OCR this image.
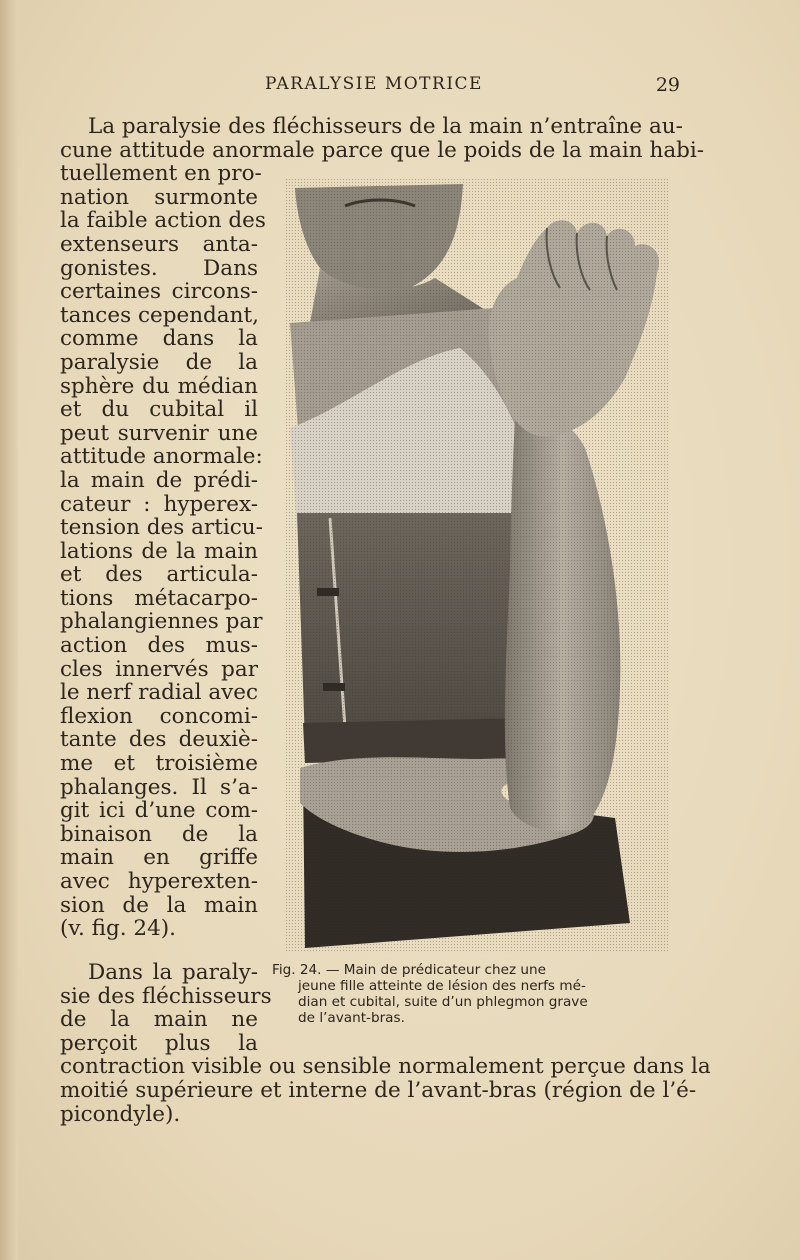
PARALYSIE MOTRICE	29
La paralysie des fléchisseurs de la main n’entraîne au-
cune attitude anormale parce que le poids de la main habi-
tuellement en pro-
nation surmonte
la faible action des
extenseurs anta-
gonistes. Dans
certaines circons-
tances cependant,
comme dans la
paralysie de la
sphère du médian
et du cubital il
peut survenir une
attitude anormale:
la main de prédi-
cateur : hyperex-
tension des articu-
lations de la main
et des articula-
tions métacarpo-
phalangiennes par
action des mus-
cles innervés par
le nerf radial avec
flexion concomi-
tante des deuxiè-
me et troisième
phalanges. Il s’a-
git ici d’une com-
binaison de la
main en griffe
avec hyperexten-
sion de la main
(v. fig. 24).
Dans la paraly-
sie des fléchisseurs
de la main ne
perçoit plus la
contraction visible ou sensible normalement perçue dans la
moitié supérieure et interne de l’avant-bras (région de l’é-
picondyle).
Fig. 24. — Main de prédicateur chez une
jeune fille atteinte de lésion des nerfs mé-
dian et cubital, suite d’un phlegmon grave
de l’avant-bras.
